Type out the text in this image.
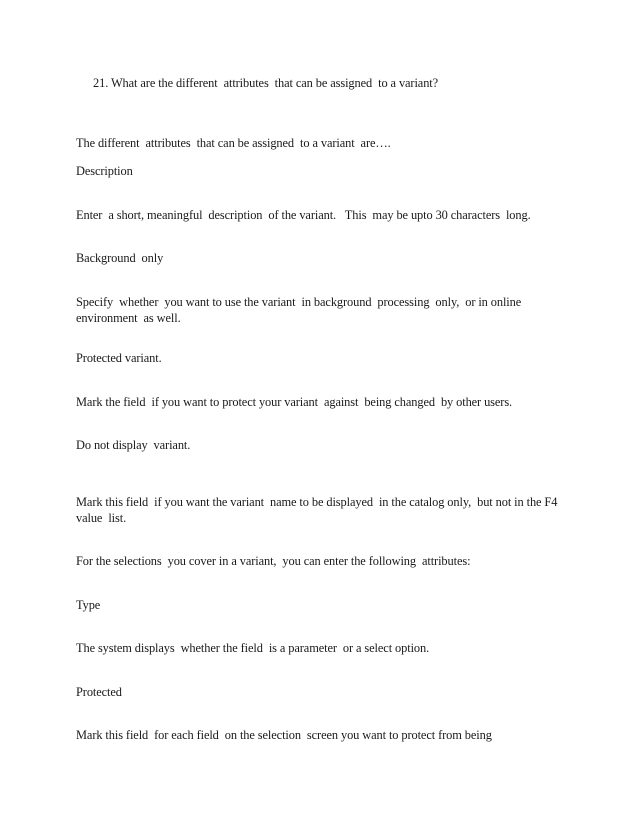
21. What are the different  attributes  that can be assigned  to a variant?

The different  attributes  that can be assigned  to a variant  are….

Description

Enter  a short, meaningful  description  of the variant.   This  may be upto 30 characters  long.

Background  only

Specify  whether  you want to use the variant  in background  processing  only,  or in online environment  as well.

Protected variant.

Mark the field  if you want to protect your variant  against  being changed  by other users.

Do not display  variant.

Mark this field  if you want the variant  name to be displayed  in the catalog only,  but not in the F4 value  list.

For the selections  you cover in a variant,  you can enter the following  attributes:

Type

The system displays  whether the field  is a parameter  or a select option.

Protected

Mark this field  for each field  on the selection  screen you want to protect from being
